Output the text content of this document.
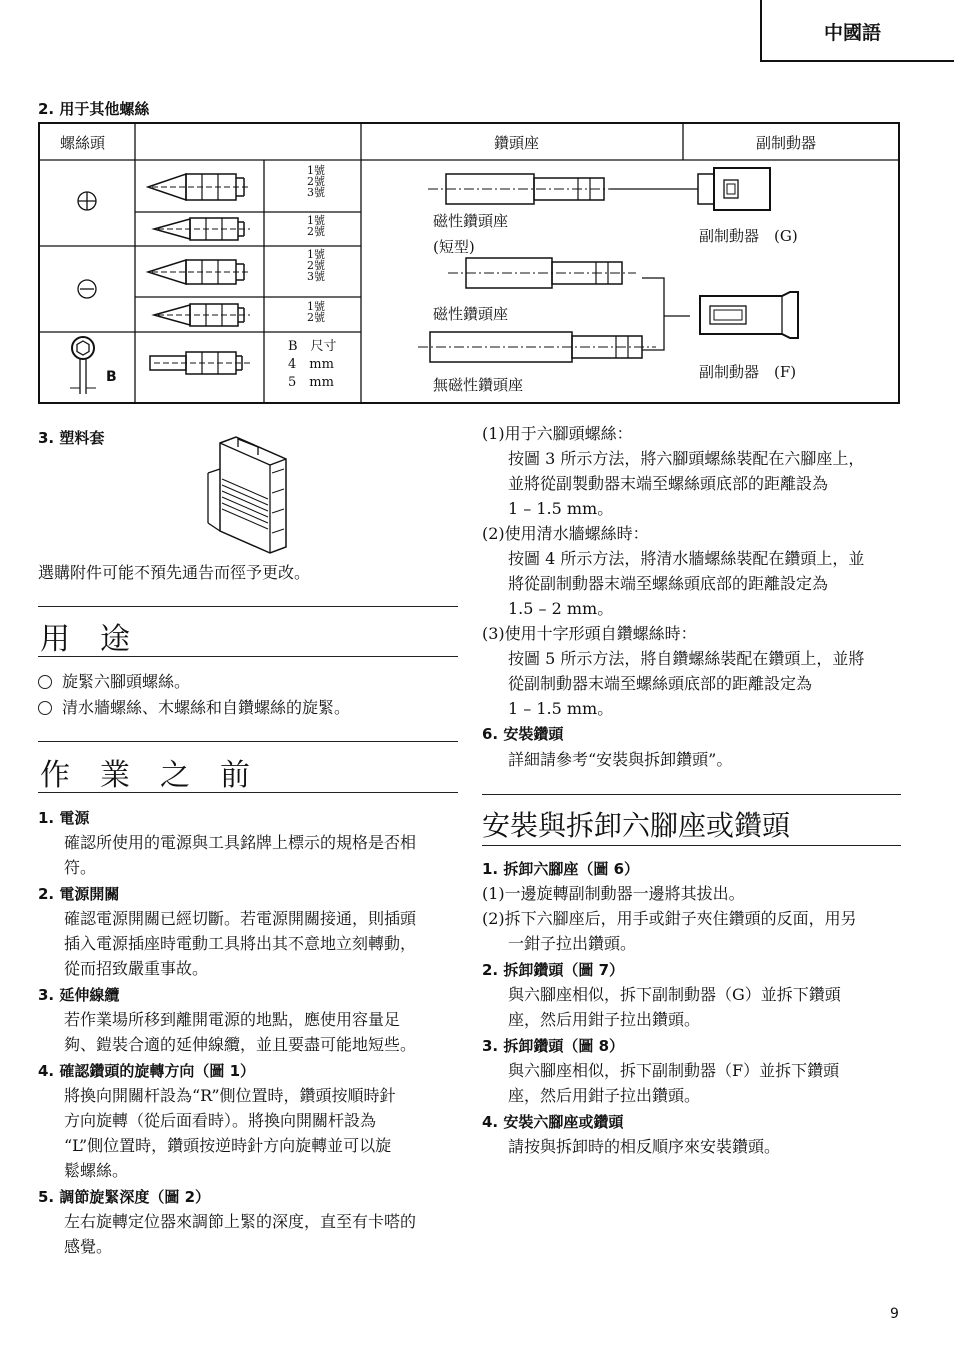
中國語
2. 用于其他螺絲
螺絲頭	鑽頭座	副制動器
B
1號
2號
3號
1號
2號
1號
2號
3號
1號
2號
B　尺寸
4　mm
5　mm
磁性鑽頭座
(短型)
磁性鑽頭座
無磁性鑽頭座
副制動器　(G)
副制動器　(F)
3. 塑料套
選購附件可能不預先通告而徑予更改。
用　途
旋緊六腳頭螺絲。
清水牆螺絲、木螺絲和自鑽螺絲的旋緊。
作　業　之　前
1. 電源
確認所使用的電源與工具銘牌上標示的規格是否相
符。
2. 電源開關
確認電源開關已經切斷。若電源開關接通，則插頭
插入電源插座時電動工具將出其不意地立刻轉動，
從而招致嚴重事故。
3. 延伸線纜
若作業場所移到離開電源的地點，應使用容量足
夠、鎧裝合適的延伸線纜，並且要盡可能地短些。
4. 確認鑽頭的旋轉方向（圖 1）
將換向開關杆設為“R”側位置時，鑽頭按順時針
方向旋轉（從后面看時）。將換向開關杆設為
“L”側位置時，鑽頭按逆時針方向旋轉並可以旋
鬆螺絲。
5. 調節旋緊深度（圖 2）
左右旋轉定位器來調節上緊的深度，直至有卡嗒的
感覺。
(1)用于六腳頭螺絲：
按圖 3 所示方法，將六腳頭螺絲裝配在六腳座上，
並將從副製動器末端至螺絲頭底部的距離設為
1 – 1.5 mm。
(2)使用清水牆螺絲時：
按圖 4 所示方法，將清水牆螺絲裝配在鑽頭上，並
將從副制動器末端至螺絲頭底部的距離設定為
1.5 – 2 mm。
(3)使用十字形頭自鑽螺絲時：
按圖 5 所示方法，將自鑽螺絲裝配在鑽頭上，並將
從副制動器末端至螺絲頭底部的距離設定為
1 – 1.5 mm。
6. 安裝鑽頭
詳細請參考“安裝與拆卸鑽頭”。
安裝與拆卸六腳座或鑽頭
1. 拆卸六腳座（圖 6）
(1)一邊旋轉副制動器一邊將其拔出。
(2)拆下六腳座后，用手或鉗子夾住鑽頭的反面，用另
一鉗子拉出鑽頭。
2. 拆卸鑽頭（圖 7）
與六腳座相似，拆下副制動器（G）並拆下鑽頭
座，然后用鉗子拉出鑽頭。
3. 拆卸鑽頭（圖 8）
與六腳座相似，拆下副制動器（F）並拆下鑽頭
座，然后用鉗子拉出鑽頭。
4. 安裝六腳座或鑽頭
請按與拆卸時的相反順序來安裝鑽頭。
9
